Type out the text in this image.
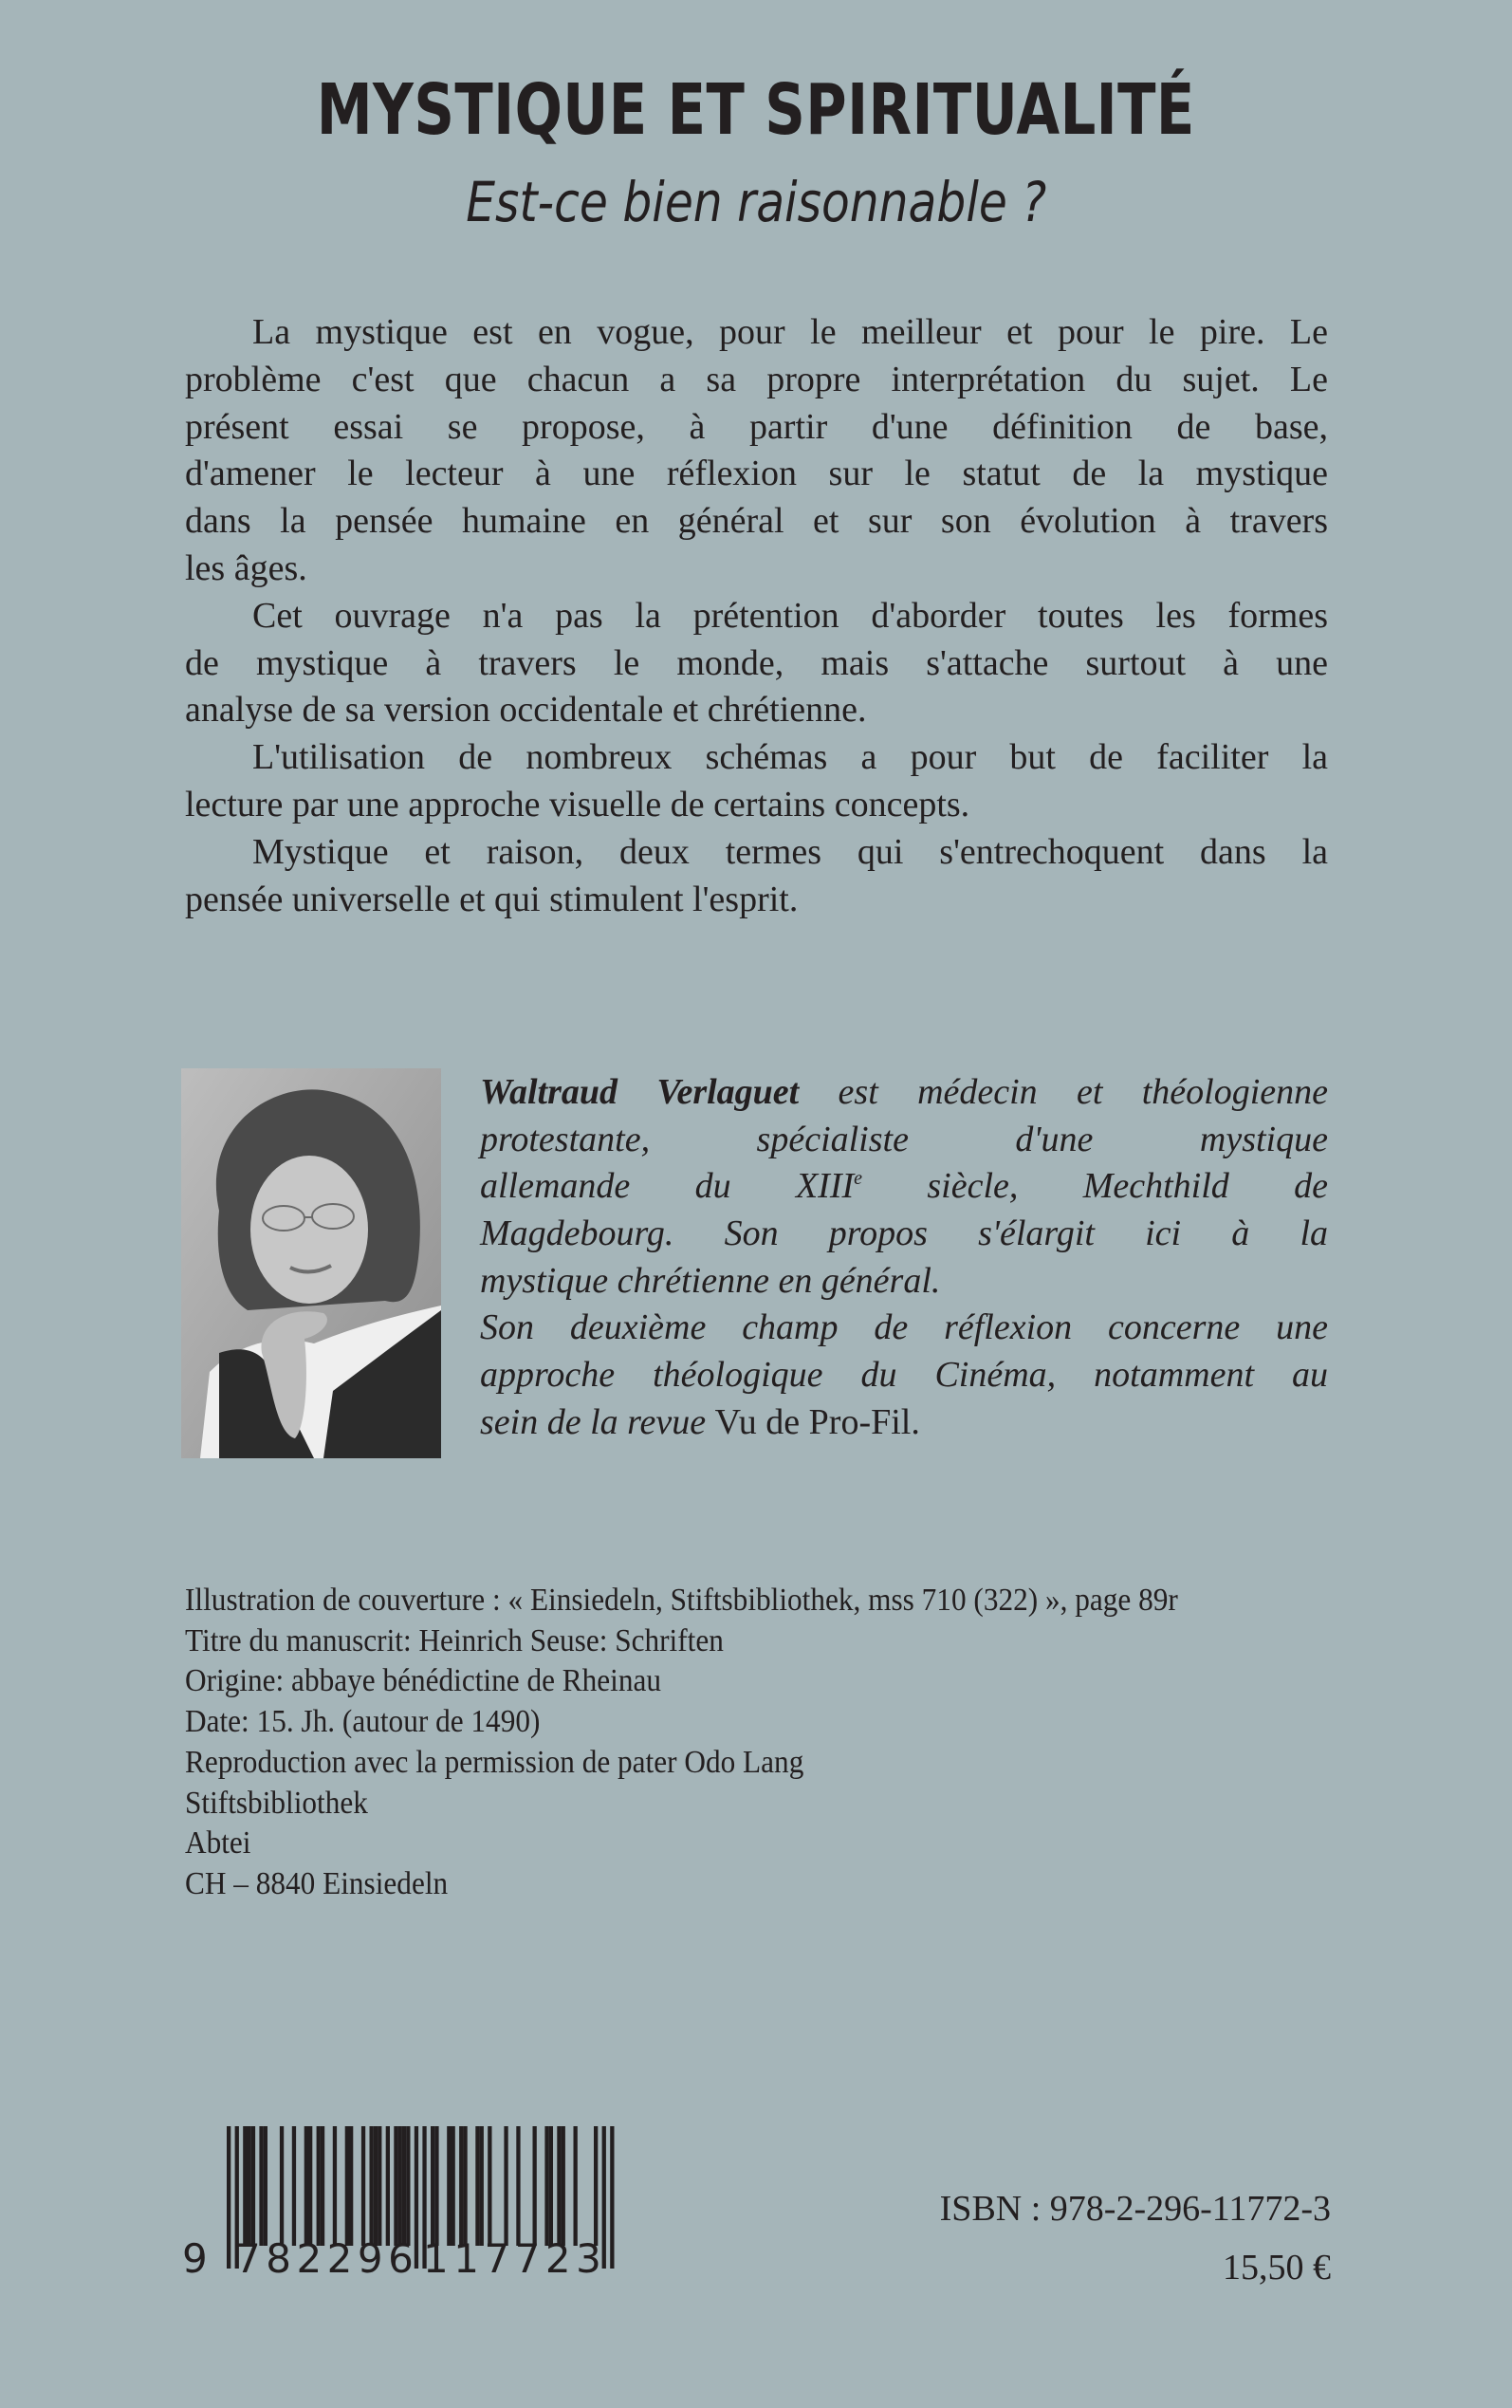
MYSTIQUE ET SPIRITUALITÉ
Est-ce bien raisonnable ?
La mystique est en vogue, pour le meilleur et pour le pire. Le
problème c'est que chacun a sa propre interprétation du sujet. Le
présent essai se propose, à partir d'une définition de base,
d'amener le lecteur à une réflexion sur le statut de la mystique
dans la pensée humaine en général et sur son évolution à travers
les âges.
Cet ouvrage n'a pas la prétention d'aborder toutes les formes
de mystique à travers le monde, mais s'attache surtout à une
analyse de sa version occidentale et chrétienne.
L'utilisation de nombreux schémas a pour but de faciliter la
lecture par une approche visuelle de certains concepts.
Mystique et raison, deux termes qui s'entrechoquent dans la
pensée universelle et qui stimulent l'esprit.
Waltraud Verlaguet est médecin et théologienne
protestante, spécialiste d'une mystique
allemande du XIIIe siècle, Mechthild de
Magdebourg. Son propos s'élargit ici à la
mystique chrétienne en général.
Son deuxième champ de réflexion concerne une
approche théologique du Cinéma, notamment au
sein de la revue Vu de Pro-Fil.
Illustration de couverture : « Einsiedeln, Stiftsbibliothek, mss 710 (322) », page 89r
Titre du manuscrit: Heinrich Seuse: Schriften
Origine: abbaye bénédictine de Rheinau
Date: 15. Jh. (autour de 1490)
Reproduction avec la permission de pater Odo Lang
Stiftsbibliothek
Abtei
CH – 8840 Einsiedeln
9 782296 117723
ISBN : 978-2-296-11772-3
15,50 €
